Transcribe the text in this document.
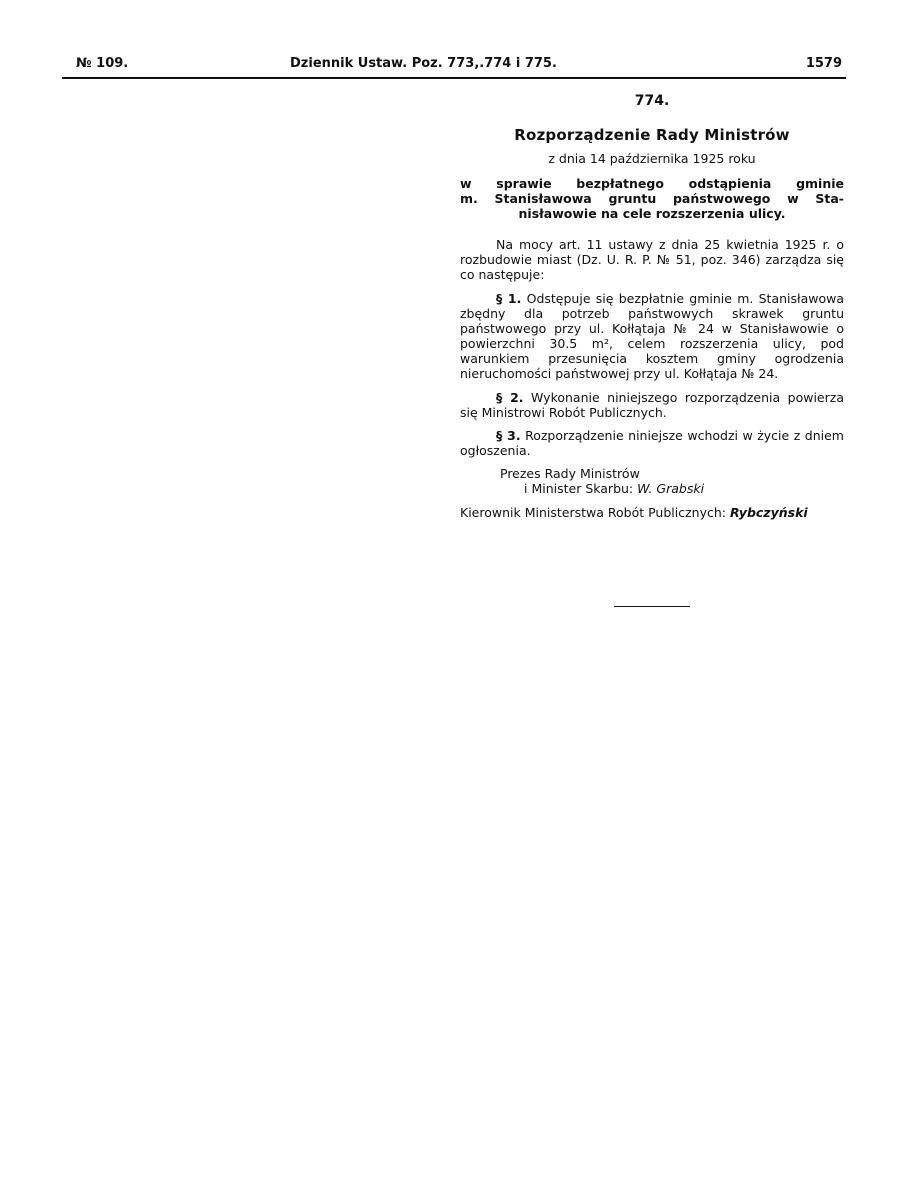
№ 109.	Dziennik Ustaw. Poz. 773,.774 i 775.	1579
774.
Rozporządzenie Rady Ministrów
z dnia 14 października 1925 roku
w sprawie bezpłatnego odstąpienia gminie
m. Stanisławowa gruntu państwowego w Sta-
nisławowie na cele rozszerzenia ulicy.

Na mocy art. 11 ustawy z dnia 25 kwietnia 1925 r. o rozbudowie miast (Dz. U. R. P. № 51, poz. 346) zarządza się co następuje:

§ 1. Odstępuje się bezpłatnie gminie m. Stanisławowa zbędny dla potrzeb państwowych skrawek gruntu państwowego przy ul. Kołłątaja № 24 w Stanisławowie o powierzchni 30.5 m², celem rozszerzenia ulicy, pod warunkiem przesunięcia kosztem gminy ogrodzenia nieruchomości państwowej przy ul. Kołłątaja № 24.

§ 2. Wykonanie niniejszego rozporządzenia powierza się Ministrowi Robót Publicznych.

§ 3. Rozporządzenie niniejsze wchodzi w życie z dniem ogłoszenia.

Prezes Rady Ministrów
i Minister Skarbu: W. Grabski
Kierownik Ministerstwa Robót Publicznych: Rybczyński
